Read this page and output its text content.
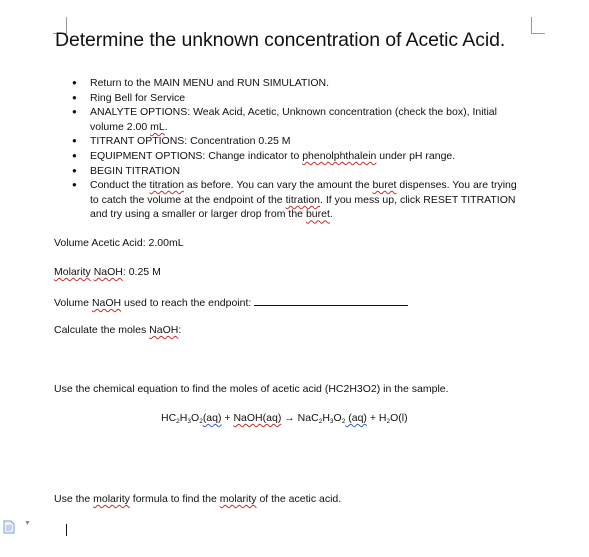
Determine the unknown concentration of Acetic Acid.
● Return to the MAIN MENU and RUN SIMULATION.
● Ring Bell for Service
● ANALYTE OPTIONS: Weak Acid, Acetic, Unknown concentration (check the box), Initial volume 2.00 mL.
● TITRANT OPTIONS: Concentration 0.25 M
● EQUIPMENT OPTIONS: Change indicator to phenolphthalein under pH range.
● BEGIN TITRATION
● Conduct the titration as before. You can vary the amount the buret dispenses. You are trying to catch the volume at the endpoint of the titration. If you mess up, click RESET TITRATION and try using a smaller or larger drop from the buret.
Volume Acetic Acid: 2.00mL
Molarity NaOH: 0.25 M
Volume NaOH used to reach the endpoint:
Calculate the moles NaOH:
Use the chemical equation to find the moles of acetic acid (HC2H3O2) in the sample.
$HC_2H_3O_2(aq)$ + NaOH(aq) → $NaC_2H_3O_2$ $(aq) + H_2O(l)$
Use the molarity formula to find the molarity of the acetic acid.
▼
